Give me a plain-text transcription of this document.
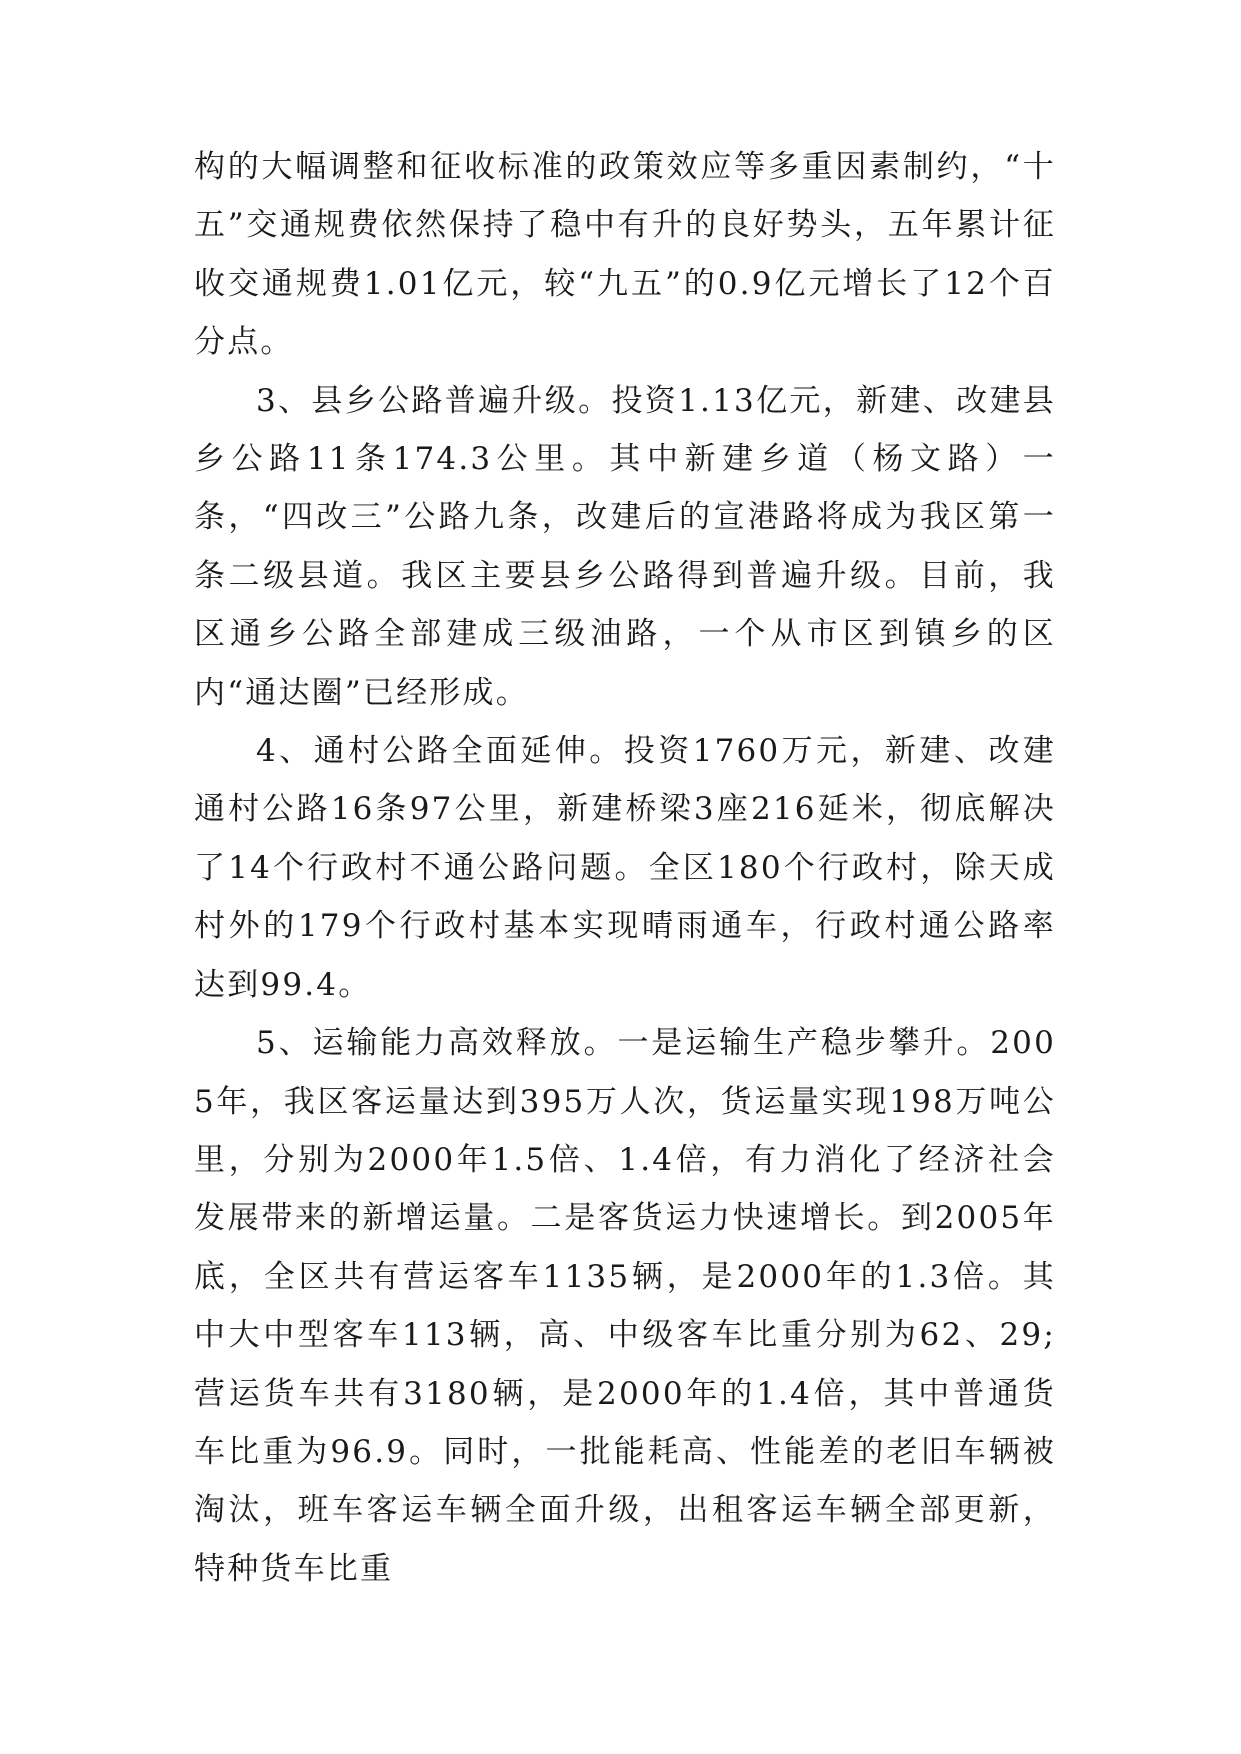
构的大幅调整和征收标准的政策效应等多重因素制约，“十五”交通规费依然保持了稳中有升的良好势头，五年累计征收交通规费1.01亿元，较“九五”的0.9亿元增长了12个百分点。

3、县乡公路普遍升级。投资1.13亿元，新建、改建县乡公路11条174.3公里。其中新建乡道（杨文路）一条，“四改三”公路九条，改建后的宣港路将成为我区第一条二级县道。我区主要县乡公路得到普遍升级。目前，我区通乡公路全部建成三级油路，一个从市区到镇乡的区内“通达圈”已经形成。

4、通村公路全面延伸。投资1760万元，新建、改建通村公路16条97公里，新建桥梁3座216延米，彻底解决了14个行政村不通公路问题。全区180个行政村，除天成村外的179个行政村基本实现晴雨通车，行政村通公路率达到99.4。

5、运输能力高效释放。一是运输生产稳步攀升。2005年，我区客运量达到395万人次，货运量实现198万吨公里，分别为2000年1.5倍、1.4倍，有力消化了经济社会发展带来的新增运量。二是客货运力快速增长。到2005年底，全区共有营运客车1135辆，是2000年的1.3倍。其中大中型客车113辆，高、中级客车比重分别为62、29;营运货车共有3180辆，是2000年的1.4倍，其中普通货车比重为96.9。同时，一批能耗高、性能差的老旧车辆被淘汰，班车客运车辆全面升级，出租客运车辆全部更新，特种货车比重
